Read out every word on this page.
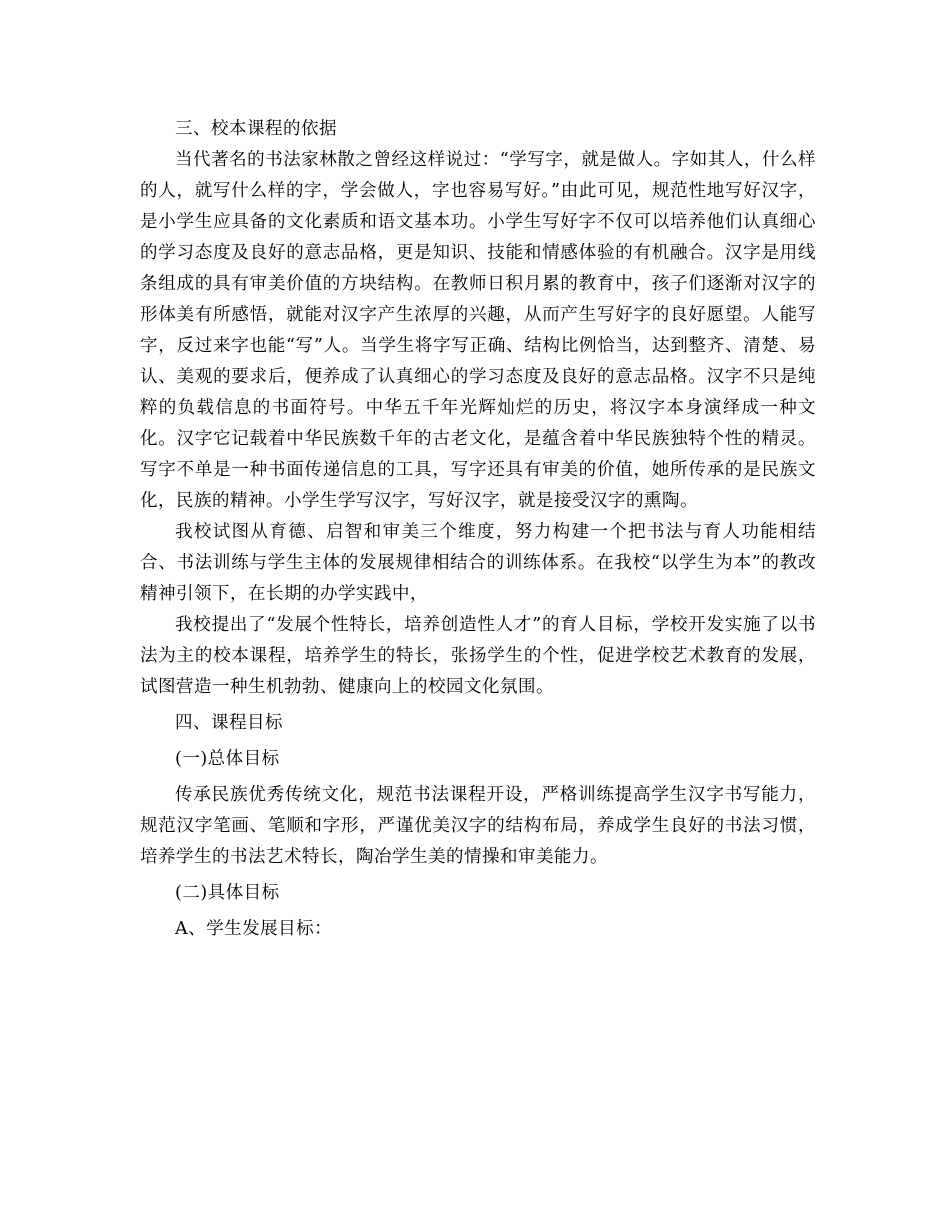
三、校本课程的依据

当代著名的书法家林散之曾经这样说过：“学写字，就是做人。字如其人，什么样的人，就写什么样的字，学会做人，字也容易写好。”由此可见，规范性地写好汉字，是小学生应具备的文化素质和语文基本功。小学生写好字不仅可以培养他们认真细心的学习态度及良好的意志品格，更是知识、技能和情感体验的有机融合。汉字是用线条组成的具有审美价值的方块结构。在教师日积月累的教育中，孩子们逐渐对汉字的形体美有所感悟，就能对汉字产生浓厚的兴趣，从而产生写好字的良好愿望。人能写字，反过来字也能“写”人。当学生将字写正确、结构比例恰当，达到整齐、清楚、易认、美观的要求后，便养成了认真细心的学习态度及良好的意志品格。汉字不只是纯粹的负载信息的书面符号。中华五千年光辉灿烂的历史，将汉字本身演绎成一种文化。汉字它记载着中华民族数千年的古老文化，是蕴含着中华民族独特个性的精灵。写字不单是一种书面传递信息的工具，写字还具有审美的价值，她所传承的是民族文化，民族的精神。小学生学写汉字，写好汉字，就是接受汉字的熏陶。

我校试图从育德、启智和审美三个维度，努力构建一个把书法与育人功能相结合、书法训练与学生主体的发展规律相结合的训练体系。在我校“以学生为本”的教改精神引领下，在长期的办学实践中，

我校提出了“发展个性特长，培养创造性人才”的育人目标，学校开发实施了以书法为主的校本课程，培养学生的特长，张扬学生的个性，促进学校艺术教育的发展，试图营造一种生机勃勃、健康向上的校园文化氛围。

四、课程目标

(一)总体目标

传承民族优秀传统文化，规范书法课程开设，严格训练提高学生汉字书写能力，规范汉字笔画、笔顺和字形，严谨优美汉字的结构布局，养成学生良好的书法习惯，培养学生的书法艺术特长，陶冶学生美的情操和审美能力。

(二)具体目标

A、学生发展目标：
